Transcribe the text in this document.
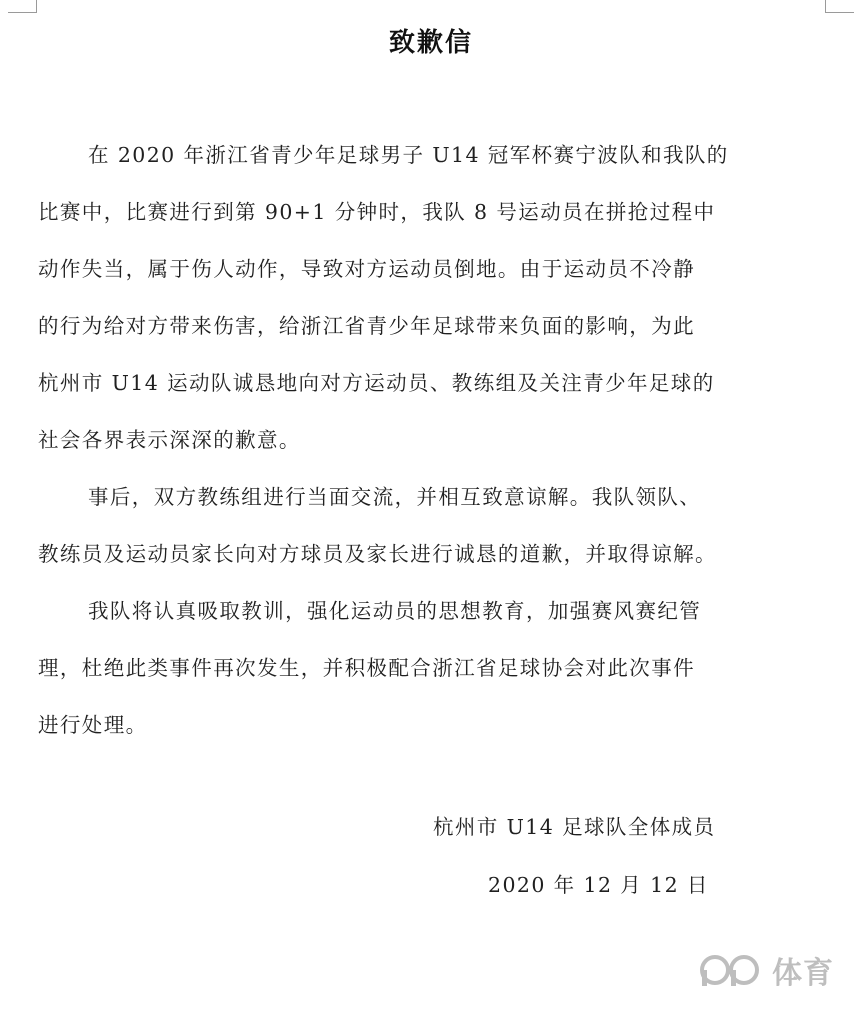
致歉信
在 2020 年浙江省青少年足球男子 U14 冠军杯赛宁波队和我队的
比赛中，比赛进行到第 90+1 分钟时，我队 8 号运动员在拼抢过程中
动作失当，属于伤人动作，导致对方运动员倒地。由于运动员不冷静
的行为给对方带来伤害，给浙江省青少年足球带来负面的影响，为此
杭州市 U14 运动队诚恳地向对方运动员、教练组及关注青少年足球的
社会各界表示深深的歉意。
事后，双方教练组进行当面交流，并相互致意谅解。我队领队、
教练员及运动员家长向对方球员及家长进行诚恳的道歉，并取得谅解。
我队将认真吸取教训，强化运动员的思想教育，加强赛风赛纪管
理，杜绝此类事件再次发生，并积极配合浙江省足球协会对此次事件
进行处理。
杭州市 U14 足球队全体成员
2020 年 12 月 12 日
体育
